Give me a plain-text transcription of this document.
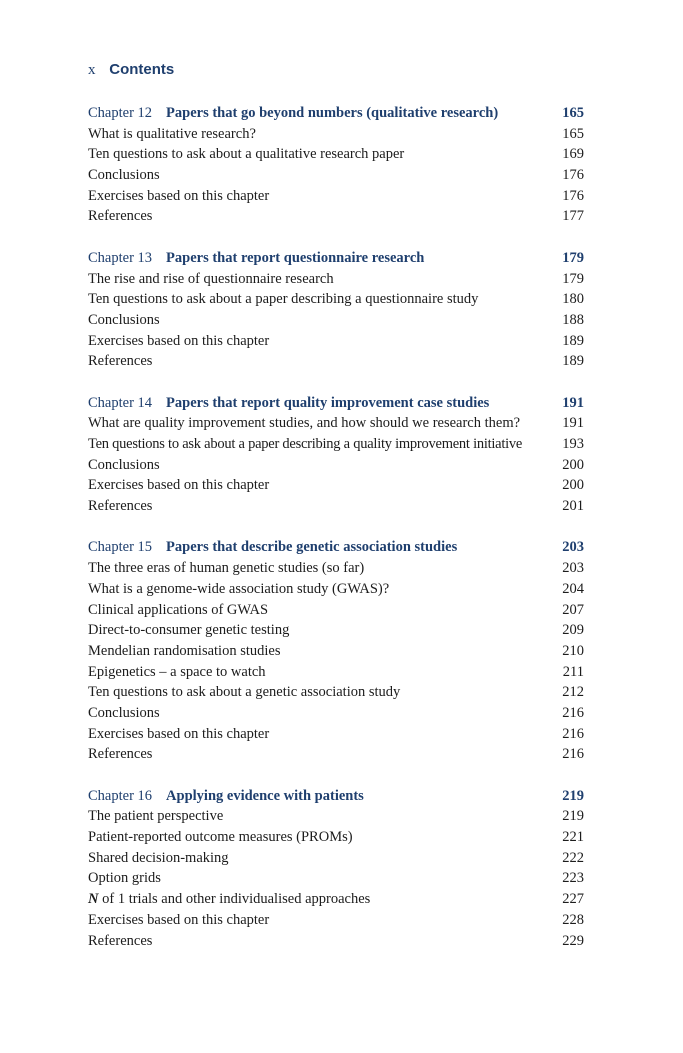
x Contents
Chapter 12 Papers that go beyond numbers (qualitative research)	165
What is qualitative research?	165
Ten questions to ask about a qualitative research paper	169
Conclusions	176
Exercises based on this chapter	176
References	177
Chapter 13 Papers that report questionnaire research	179
The rise and rise of questionnaire research	179
Ten questions to ask about a paper describing a questionnaire study	180
Conclusions	188
Exercises based on this chapter	189
References	189
Chapter 14 Papers that report quality improvement case studies	191
What are quality improvement studies, and how should we research them?	191
Ten questions to ask about a paper describing a quality improvement initiative	193
Conclusions	200
Exercises based on this chapter	200
References	201
Chapter 15 Papers that describe genetic association studies	203
The three eras of human genetic studies (so far)	203
What is a genome-wide association study (GWAS)?	204
Clinical applications of GWAS	207
Direct-to-consumer genetic testing	209
Mendelian randomisation studies	210
Epigenetics – a space to watch	211
Ten questions to ask about a genetic association study	212
Conclusions	216
Exercises based on this chapter	216
References	216
Chapter 16 Applying evidence with patients	219
The patient perspective	219
Patient-reported outcome measures (PROMs)	221
Shared decision-making	222
Option grids	223
N of 1 trials and other individualised approaches	227
Exercises based on this chapter	228
References	229
